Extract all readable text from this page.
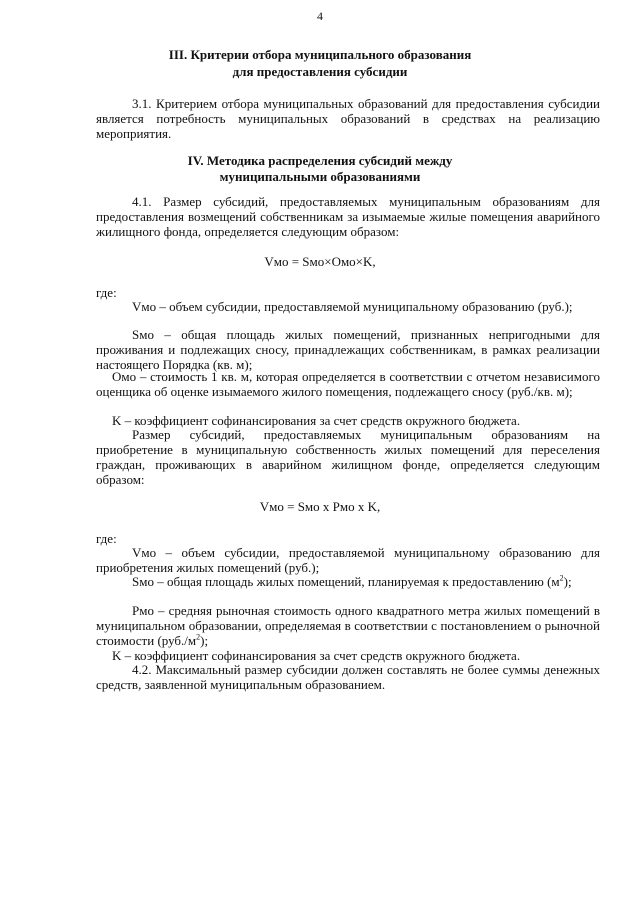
4
III. Критерии отбора муниципального образования
для предоставления субсидии

3.1. Критерием отбора муниципальных образований для предоставления субсидии является потребность муниципальных образований в средствах на реализацию мероприятия.

IV. Методика распределения субсидий между
муниципальными образованиями

4.1. Размер субсидий, предоставляемых муниципальным образованиям для предоставления возмещений собственникам за изымаемые жилые помещения аварийного жилищного фонда, определяется следующим образом:

Vмо = Sмо×Омо×K,
где:

Vмо – объем субсидии, предоставляемой муниципальному образованию (руб.);

Sмо – общая площадь жилых помещений, признанных непригодными для проживания и подлежащих сносу, принадлежащих собственникам, в рамках реализации настоящего Порядка (кв. м);

Омо – стоимость 1 кв. м, которая определяется в соответствии с отчетом независимого оценщика об оценке изымаемого жилого помещения, подлежащего сносу (руб./кв. м);

K – коэффициент софинансирования за счет средств окружного бюджета.

Размер субсидий, предоставляемых муниципальным образованиям на приобретение в муниципальную собственность жилых помещений для переселения граждан, проживающих в аварийном жилищном фонде, определяется следующим образом:

Vмо = Sмо x Pмо x K,
где:

Vмо – объем субсидии, предоставляемой муниципальному образованию для приобретения жилых помещений (руб.);

Sмо – общая площадь жилых помещений, планируемая к предоставлению $(м^2)$;

Pмо – средняя рыночная стоимость одного квадратного метра жилых помещений в муниципальном образовании, определяемая в соответствии с постановлением о рыночной стоимости $(руб./м^2)$;

K – коэффициент софинансирования за счет средств окружного бюджета.

4.2. Максимальный размер субсидии должен составлять не более суммы денежных средств, заявленной муниципальным образованием.
